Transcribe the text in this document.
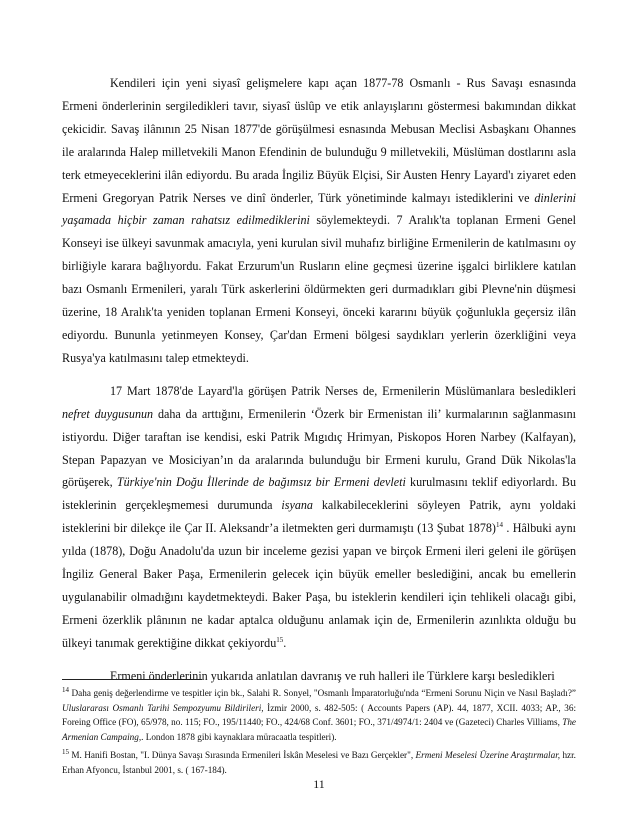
Kendileri için yeni siyasî gelişmelere kapı açan 1877-78 Osmanlı - Rus Savaşı esnasında Ermeni önderlerinin sergiledikleri tavır, siyasî üslûp ve etik anlayışlarını göstermesi bakımından dikkat çekicidir. Savaş ilânının 25 Nisan 1877'de görüşülmesi esnasında Mebusan Meclisi Asbaşkanı Ohannes ile aralarında Halep milletvekili Manon Efendinin de bulunduğu 9 milletvekili, Müslüman dostlarını asla terk etmeyeceklerini ilân ediyordu. Bu arada İngiliz Büyük Elçisi, Sir Austen Henry Layard'ı ziyaret eden Ermeni Gregoryan Patrik Nerses ve dinî önderler, Türk yönetiminde kalmayı istediklerini ve dinlerini yaşamada hiçbir zaman rahatsız edilmediklerini söylemekteydi. 7 Aralık'ta toplanan Ermeni Genel Konseyi ise ülkeyi savunmak amacıyla, yeni kurulan sivil muhafız birliğine Ermenilerin de katılmasını oy birliğiyle karara bağlıyordu. Fakat Erzurum'un Rusların eline geçmesi üzerine işgalci birliklere katılan bazı Osmanlı Ermenileri, yaralı Türk askerlerini öldürmekten geri durmadıkları gibi Plevne'nin düşmesi üzerine, 18 Aralık'ta yeniden toplanan Ermeni Konseyi, önceki kararını büyük çoğunlukla geçersiz ilân ediyordu. Bununla yetinmeyen Konsey, Çar'dan Ermeni bölgesi saydıkları yerlerin özerkliğini veya Rusya'ya katılmasını talep etmekteydi.

17 Mart 1878'de Layard'la görüşen Patrik Nerses de, Ermenilerin Müslümanlara besledikleri nefret duygusunun daha da arttığını, Ermenilerin ‘Özerk bir Ermenistan ili’ kurmalarının sağlanmasını istiyordu. Diğer taraftan ise kendisi, eski Patrik Mıgıdıç Hrimyan, Piskopos Horen Narbey (Kalfayan), Stepan Papazyan ve Mosiciyan’ın da aralarında bulunduğu bir Ermeni kurulu, Grand Dük Nikolas'la görüşerek, Türkiye'nin Doğu İllerinde de bağımsız bir Ermeni devleti kurulmasını teklif ediyorlardı. Bu isteklerinin gerçekleşmemesi durumunda isyana kalkabileceklerini söyleyen Patrik, aynı yoldaki isteklerini bir dilekçe ile Çar II. Aleksandr’a iletmekten geri durmamıştı (13 Şubat 1878)$^{14}$ . Hâlbuki aynı yılda (1878), Doğu Anadolu'da uzun bir inceleme gezisi yapan ve birçok Ermeni ileri geleni ile görüşen İngiliz General Baker Paşa, Ermenilerin gelecek için büyük emeller beslediğini, ancak bu emellerin uygulanabilir olmadığını kaydetmekteydi. Baker Paşa, bu isteklerin kendileri için tehlikeli olacağı gibi, Ermeni özerklik plânının ne kadar aptalca olduğunu anlamak için de, Ermenilerin azınlıkta olduğu bu ülkeyi tanımak gerektiğine dikkat çekiyordu$^{15}$.

Ermeni önderlerinin yukarıda anlatılan davranış ve ruh halleri ile Türklere karşı besledikleri

$^{14}$ Daha geniş değerlendirme ve tespitler için bk., Salahi R. Sonyel, "Osmanlı İmparatorluğu'nda “Ermeni Sorunu Niçin ve Nasıl Başladı?” Uluslararası Osmanlı Tarihi Sempozyumu Bildirileri, İzmir 2000, s. 482-505: ( Accounts Papers (AP). 44, 1877, XCII. 4033; AP., 36: Foreing Office (FO), 65/978, no. 115; FO., 195/11440; FO., 424/68 Conf. 3601; FO., 371/4974/1: 2404 ve (Gazeteci) Charles Villiams, The Armenian Campaing,. London 1878 gibi kaynaklara müracaatla tespitleri).

$^{15}$ M. Hanifi Bostan, "I. Dünya Savaşı Sırasında Ermenileri İskân Meselesi ve Bazı Gerçekler", Ermeni Meselesi Üzerine Araştırmalar, hzr. Erhan Afyoncu, İstanbul 2001, s. ( 167-184).

11
